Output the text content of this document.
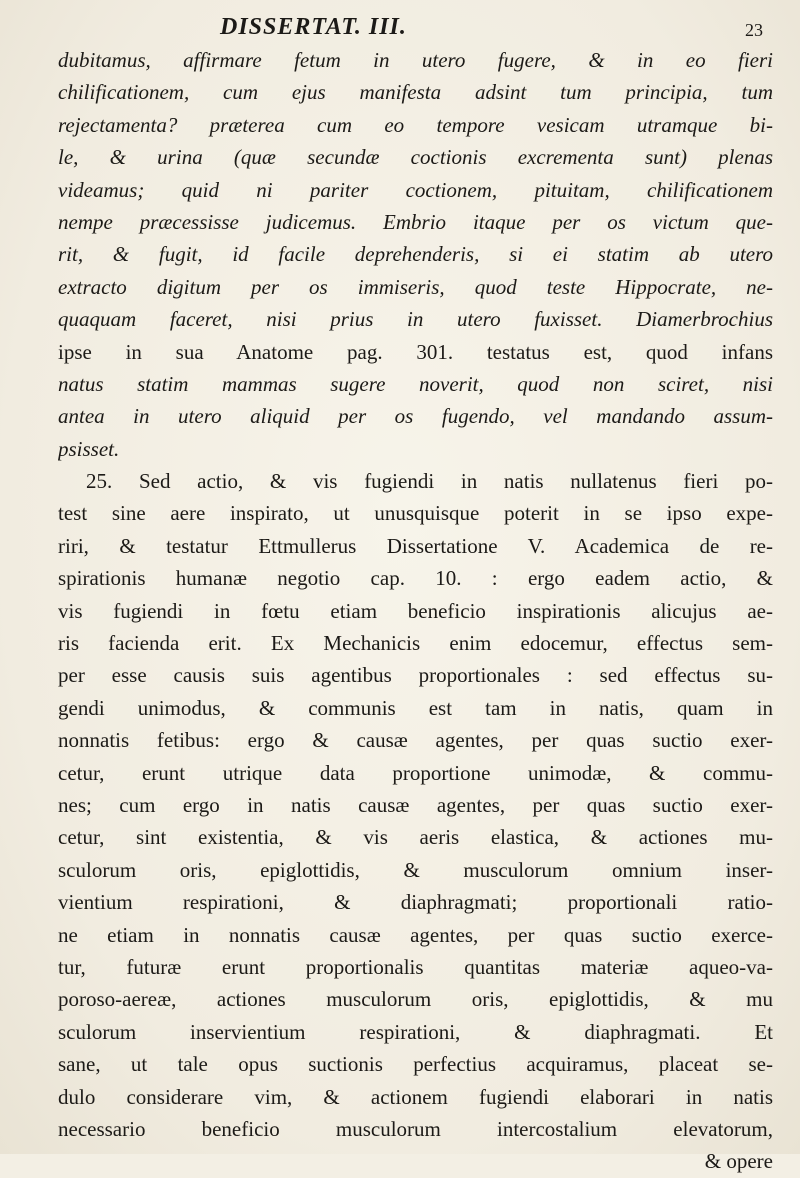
DISSERTAT. III.	23
dubitamus, affirmare fetum in utero fugere, & in eo fieri
chilificationem, cum ejus manifesta adsint tum principia, tum
rejectamenta? præterea cum eo tempore vesicam utramque bi-
le, & urina (quæ secundæ coctionis excrementa sunt) plenas
videamus; quid ni pariter coctionem, pituitam, chilificationem
nempe præcessisse judicemus. Embrio itaque per os victum que-
rit, & fugit, id facile deprehenderis, si ei statim ab utero
extracto digitum per os immiseris, quod teste Hippocrate, ne-
quaquam faceret, nisi prius in utero fuxisset. Diamerbrochius
ipse in sua Anatome pag. 301. testatus est, quod infans
natus statim mammas sugere noverit, quod non sciret, nisi
antea in utero aliquid per os fugendo, vel mandando assum-
psisset.
25. Sed actio, & vis fugiendi in natis nullatenus fieri po-
test sine aere inspirato, ut unusquisque poterit in se ipso expe-
riri, & testatur Ettmullerus Dissertatione V. Academica de re-
spirationis humanæ negotio cap. 10. : ergo eadem actio, &
vis fugiendi in fœtu etiam beneficio inspirationis alicujus ae-
ris facienda erit. Ex Mechanicis enim edocemur, effectus sem-
per esse causis suis agentibus proportionales : sed effectus su-
gendi unimodus, & communis est tam in natis, quam in
nonnatis fetibus: ergo & causæ agentes, per quas suctio exer-
cetur, erunt utrique data proportione unimodæ, & commu-
nes; cum ergo in natis causæ agentes, per quas suctio exer-
cetur, sint existentia, & vis aeris elastica, & actiones mu-
sculorum oris, epiglottidis, & musculorum omnium inser-
vientium respirationi, & diaphragmati; proportionali ratio-
ne etiam in nonnatis causæ agentes, per quas suctio exerce-
tur, futuræ erunt proportionalis quantitas materiæ aqueo-va-
poroso-aereæ, actiones musculorum oris, epiglottidis, & mu
sculorum inservientium respirationi, & diaphragmati. Et
sane, ut tale opus suctionis perfectius acquiramus, placeat se-
dulo considerare vim, & actionem fugiendi elaborari in natis
necessario beneficio musculorum intercostalium elevatorum,
& opere
